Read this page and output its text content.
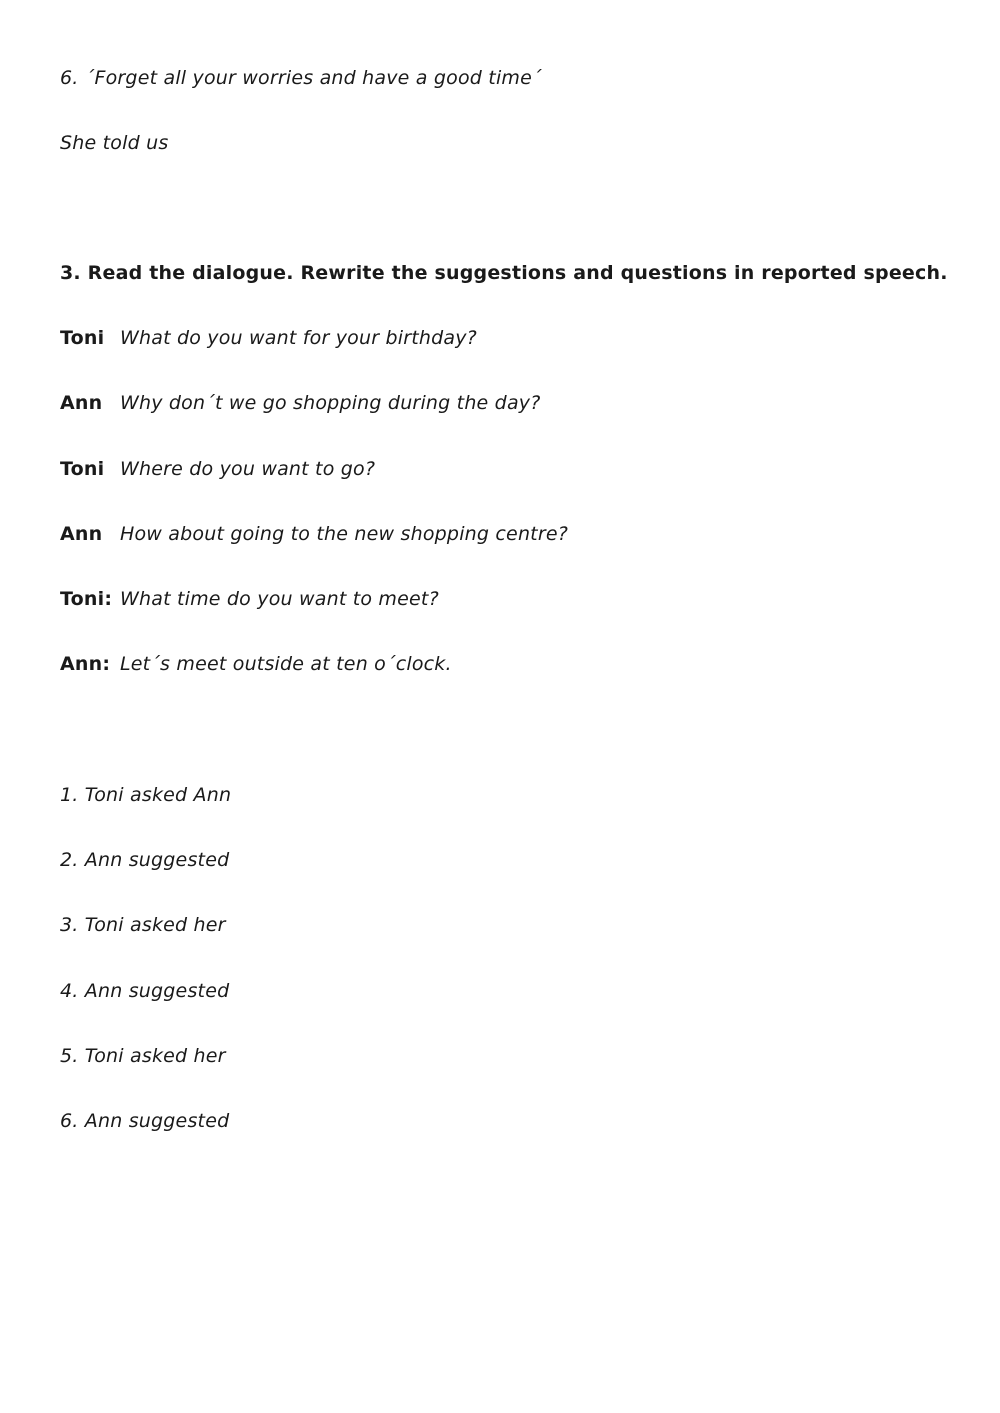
6. ´Forget all your worries and have a good time´
She told us
3. Read the dialogue. Rewrite the suggestions and questions in reported speech.
Toni What do you want for your birthday?
Ann Why don´t we go shopping during the day?
Toni Where do you want to go?
Ann How about going to the new shopping centre?
Toni: What time do you want to meet?
Ann: Let´s meet outside at ten o´clock.
1. Toni asked Ann
2. Ann suggested
3. Toni asked her
4. Ann suggested
5. Toni asked her
6. Ann suggested
